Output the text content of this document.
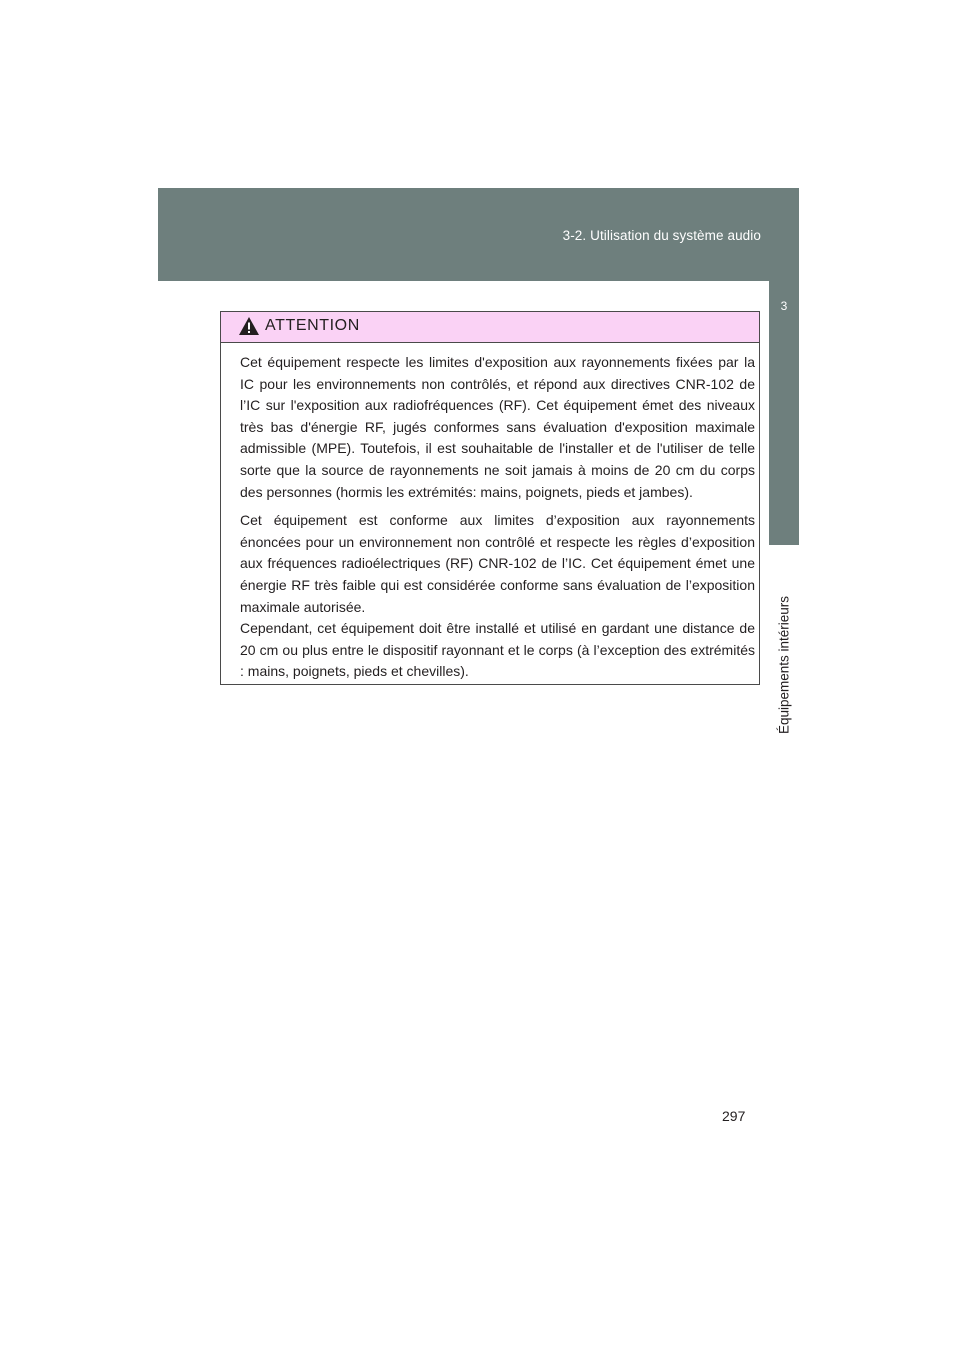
3-2. Utilisation du système audio
3
Équipements intérieurs
ATTENTION

Cet équipement respecte les limites d'exposition aux rayonnements fixées par la IC pour les environnements non contrôlés, et répond aux directives CNR-102 de l’IC sur l'exposition aux radiofréquences (RF). Cet équipement émet des niveaux très bas d'énergie RF, jugés conformes sans évaluation d'exposition maximale admissible (MPE). Toutefois, il est souhaitable de l'installer et de l'utiliser de telle sorte que la source de rayonnements ne soit jamais à moins de 20 cm du corps des personnes (hormis les extrémités: mains, poignets, pieds et jambes).

Cet équipement est conforme aux limites d’exposition aux rayonnements énoncées pour un environnement non contrôlé et respecte les règles d’exposition aux fréquences radioélectriques (RF) CNR-102 de l’IC. Cet équipement émet une énergie RF très faible qui est considérée conforme sans évaluation de l’exposition maximale autorisée.

Cependant, cet équipement doit être installé et utilisé en gardant une distance de 20 cm ou plus entre le dispositif rayonnant et le corps (à l’exception des extrémités : mains, poignets, pieds et chevilles).

297
